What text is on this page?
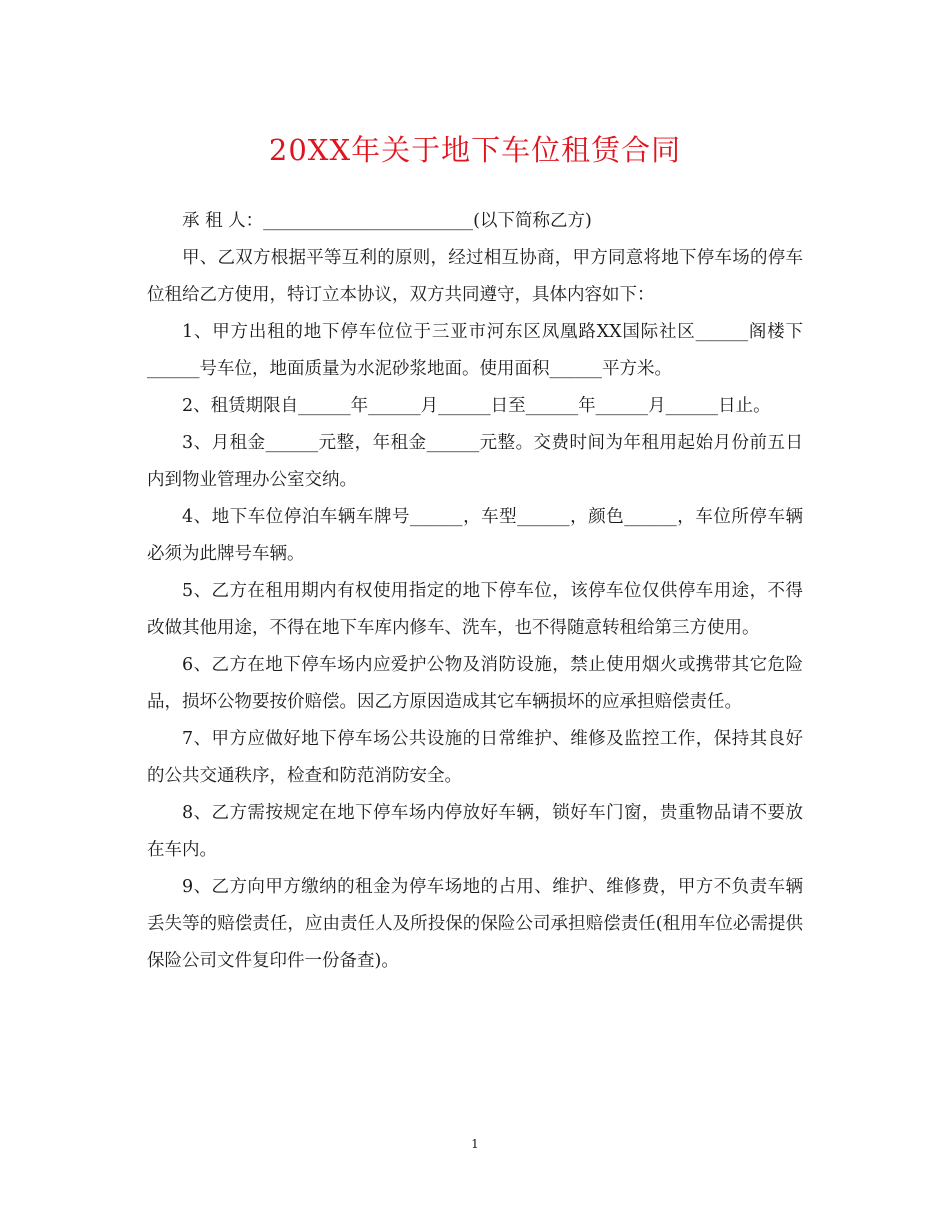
20XX年关于地下车位租赁合同

承 租 人：________________________(以下简称乙方)

甲、乙双方根据平等互利的原则，经过相互协商，甲方同意将地下停车场的停车位租给乙方使用，特订立本协议，双方共同遵守，具体内容如下：

1、甲方出租的地下停车位位于三亚市河东区凤凰路XX国际社区______阁楼下______号车位，地面质量为水泥砂浆地面。使用面积______平方米。

2、租赁期限自______年______月______日至______年______月______日止。

3、月租金______元整，年租金______元整。交费时间为年租用起始月份前五日内到物业管理办公室交纳。

4、地下车位停泊车辆车牌号______，车型______，颜色______，车位所停车辆必须为此牌号车辆。

5、乙方在租用期内有权使用指定的地下停车位，该停车位仅供停车用途，不得改做其他用途，不得在地下车库内修车、洗车，也不得随意转租给第三方使用。

6、乙方在地下停车场内应爱护公物及消防设施，禁止使用烟火或携带其它危险品，损坏公物要按价赔偿。因乙方原因造成其它车辆损坏的应承担赔偿责任。

7、甲方应做好地下停车场公共设施的日常维护、维修及监控工作，保持其良好的公共交通秩序，检查和防范消防安全。

8、乙方需按规定在地下停车场内停放好车辆，锁好车门窗，贵重物品请不要放在车内。

9、乙方向甲方缴纳的租金为停车场地的占用、维护、维修费，甲方不负责车辆丢失等的赔偿责任，应由责任人及所投保的保险公司承担赔偿责任(租用车位必需提供保险公司文件复印件一份备查)。

1
